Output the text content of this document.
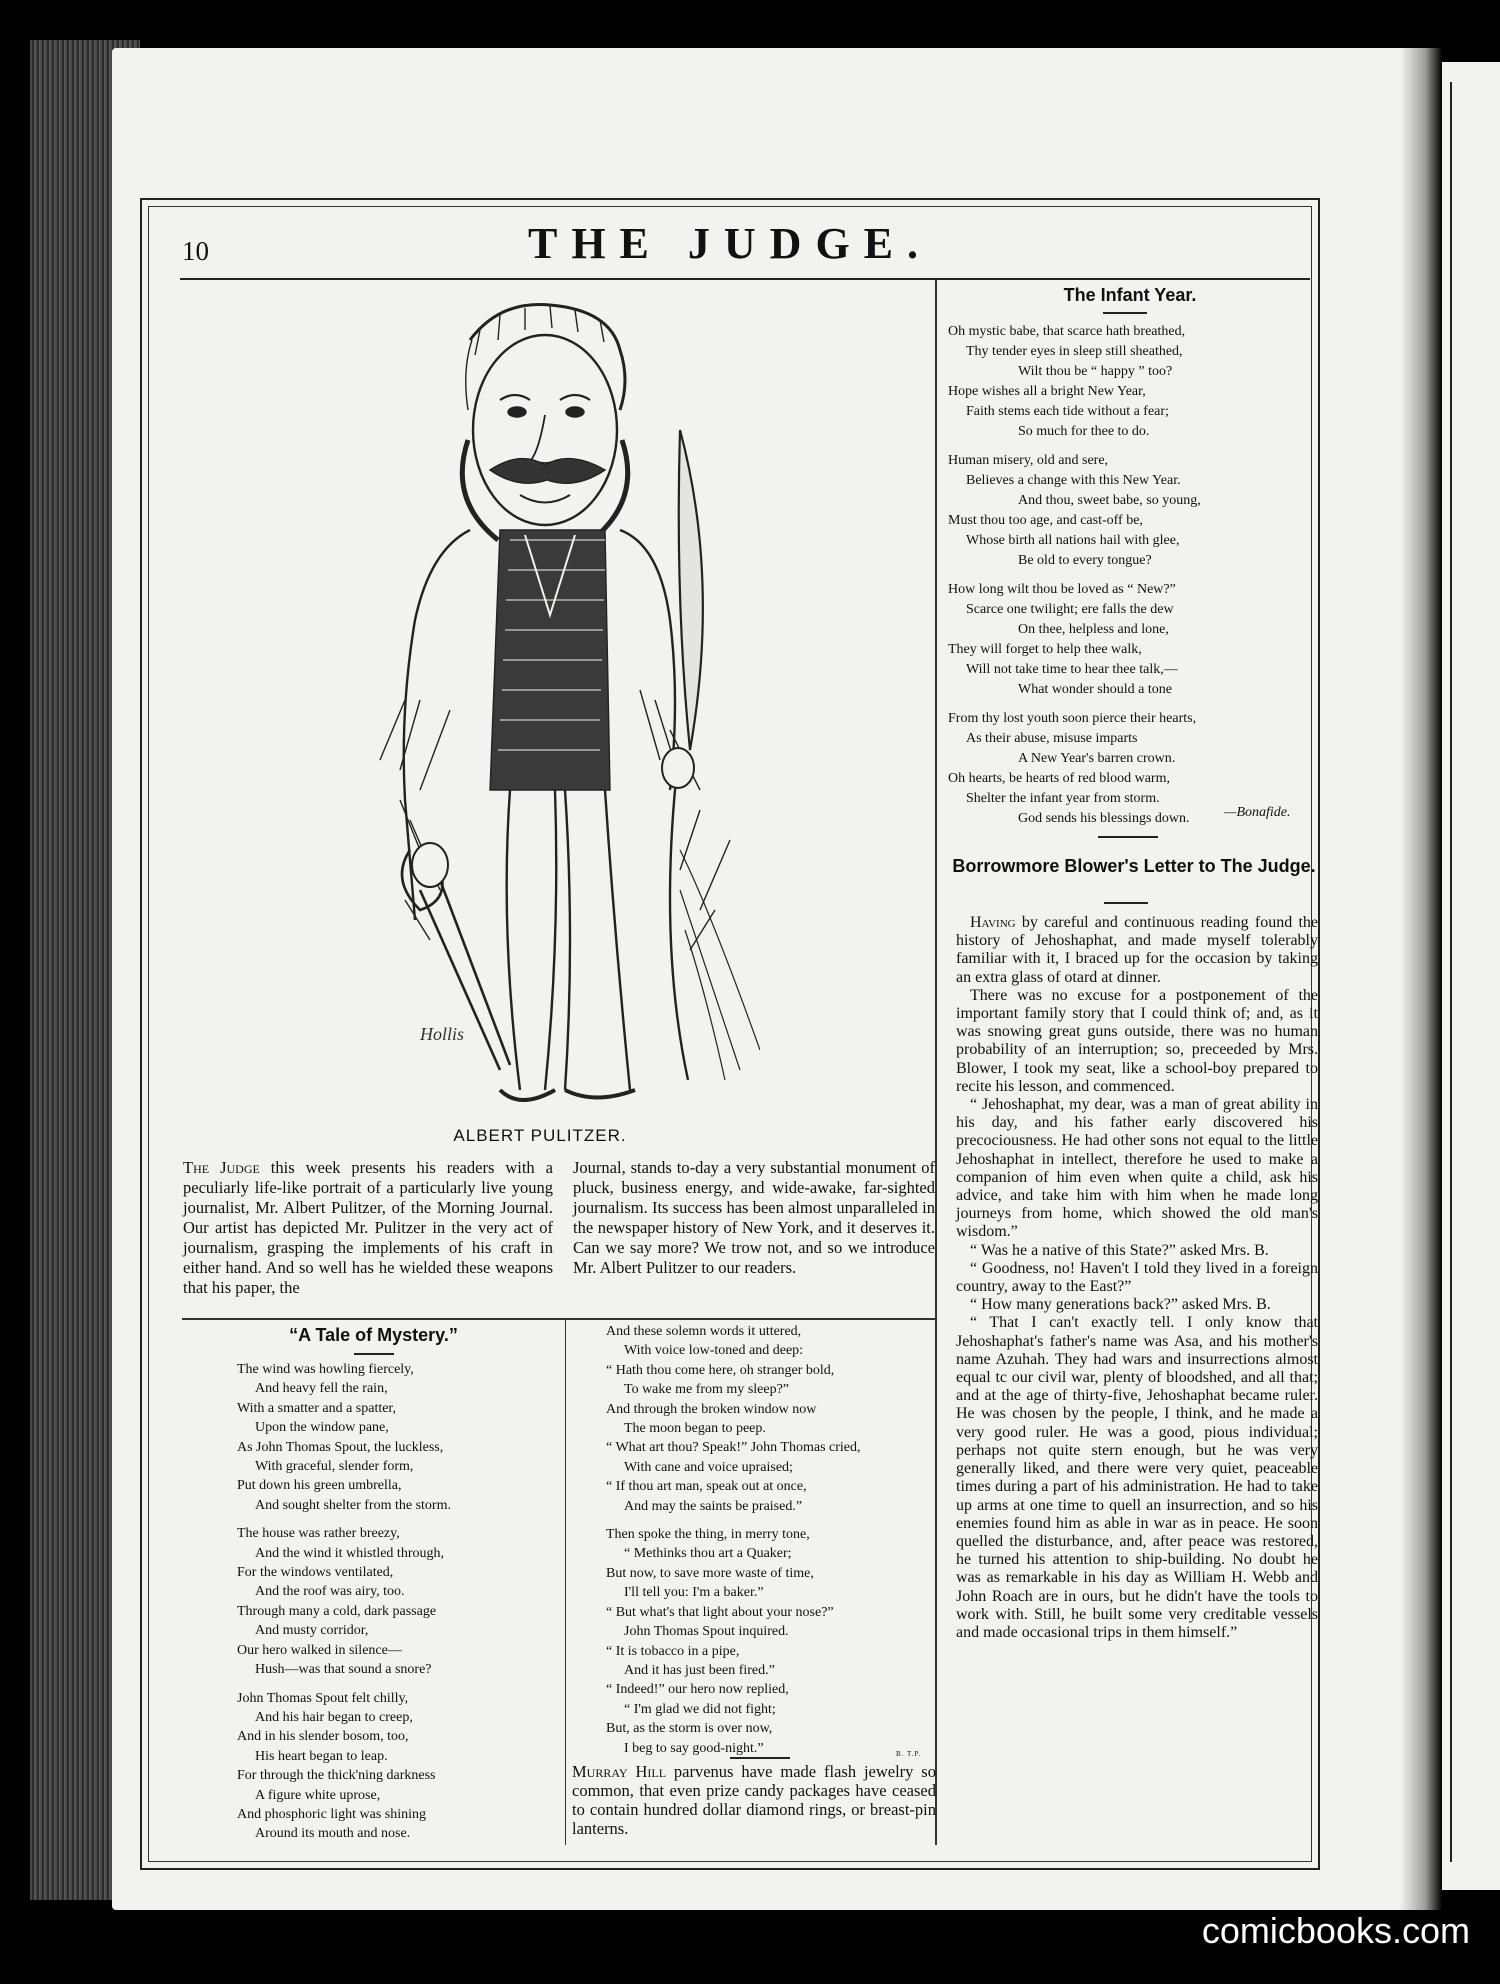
10	THE JUDGE.
Hollis
ALBERT PULITZER.
The Judge this week presents his readers with a peculiarly life-like portrait of a particularly live young journalist, Mr. Albert Pulitzer, of the Morning Journal. Our artist has depicted Mr. Pulitzer in the very act of journalism, grasping the implements of his craft in either hand. And so well has he wielded these weapons that his paper, the
Journal, stands to-day a very substantial monument of pluck, business energy, and wide-awake, far-sighted journalism. Its success has been almost unparalleled in the newspaper history of New York, and it deserves it. Can we say more? We trow not, and so we introduce Mr. Albert Pulitzer to our readers.
The Infant Year.
Oh mystic babe, that scarce hath breathed,
Thy tender eyes in sleep still sheathed,
Wilt thou be “ happy ” too?
Hope wishes all a bright New Year,
Faith stems each tide without a fear;
So much for thee to do.
Human misery, old and sere,
Believes a change with this New Year.
And thou, sweet babe, so young,
Must thou too age, and cast-off be,
Whose birth all nations hail with glee,
Be old to every tongue?
How long wilt thou be loved as “ New?”
Scarce one twilight; ere falls the dew
On thee, helpless and lone,
They will forget to help thee walk,
Will not take time to hear thee talk,—
What wonder should a tone
From thy lost youth soon pierce their hearts,
As their abuse, misuse imparts
A New Year's barren crown.
Oh hearts, be hearts of red blood warm,
Shelter the infant year from storm.
God sends his blessings down.	—Bonafide.
Borrowmore Blower's Letter to The Judge.

Having by careful and continuous reading found the history of Jehoshaphat, and made myself tolerably familiar with it, I braced up for the occasion by taking an extra glass of otard at dinner.

There was no excuse for a postponement of the important family story that I could think of; and, as it was snowing great guns outside, there was no human probability of an interruption; so, preceeded by Mrs. Blower, I took my seat, like a school-boy prepared to recite his lesson, and commenced.

“ Jehoshaphat, my dear, was a man of great ability in his day, and his father early discovered his precociousness. He had other sons not equal to the little Jehoshaphat in intellect, therefore he used to make a companion of him even when quite a child, ask his advice, and take him with him when he made long journeys from home, which showed the old man's wisdom.”

“ Was he a native of this State?” asked Mrs. B.

“ Goodness, no! Haven't I told they lived in a foreign country, away to the East?”

“ How many generations back?” asked Mrs. B.

“ That I can't exactly tell. I only know that Jehoshaphat's father's name was Asa, and his mother's name Azuhah. They had wars and insurrections almost equal tc our civil war, plenty of bloodshed, and all that; and at the age of thirty-five, Jehoshaphat became ruler. He was chosen by the people, I think, and he made a very good ruler. He was a good, pious individual; perhaps not quite stern enough, but he was very generally liked, and there were very quiet, peaceable times during a part of his administration. He had to take up arms at one time to quell an insurrection, and so his enemies found him as able in war as in peace. He soon quelled the disturbance, and, after peace was restored, he turned his attention to ship-building. No doubt he was as remarkable in his day as William H. Webb and John Roach are in ours, but he didn't have the tools to work with. Still, he built some very creditable vessels and made occasional trips in them himself.”

“A Tale of Mystery.”
The wind was howling fiercely,
And heavy fell the rain,
With a smatter and a spatter,
Upon the window pane,
As John Thomas Spout, the luckless,
With graceful, slender form,
Put down his green umbrella,
And sought shelter from the storm.
The house was rather breezy,
And the wind it whistled through,
For the windows ventilated,
And the roof was airy, too.
Through many a cold, dark passage
And musty corridor,
Our hero walked in silence—
Hush—was that sound a snore?
John Thomas Spout felt chilly,
And his hair began to creep,
And in his slender bosom, too,
His heart began to leap.
For through the thick'ning darkness
A figure white uprose,
And phosphoric light was shining
Around its mouth and nose.
And these solemn words it uttered,
With voice low-toned and deep:
“ Hath thou come here, oh stranger bold,
To wake me from my sleep?”
And through the broken window now
The moon began to peep.
“ What art thou? Speak!” John Thomas cried,
With cane and voice upraised;
“ If thou art man, speak out at once,
And may the saints be praised.”
Then spoke the thing, in merry tone,
“ Methinks thou art a Quaker;
But now, to save more waste of time,
I'll tell you: I'm a baker.”
“ But what's that light about your nose?”
John Thomas Spout inquired.
“ It is tobacco in a pipe,
And it has just been fired.”
“ Indeed!” our hero now replied,
“ I'm glad we did not fight;
But, as the storm is over now,
I beg to say good-night.”	B. T.P.
Murray Hill parvenus have made flash jewelry so common, that even prize candy packages have ceased to contain hundred dollar diamond rings, or breast-pin lanterns.
comicbooks.com
